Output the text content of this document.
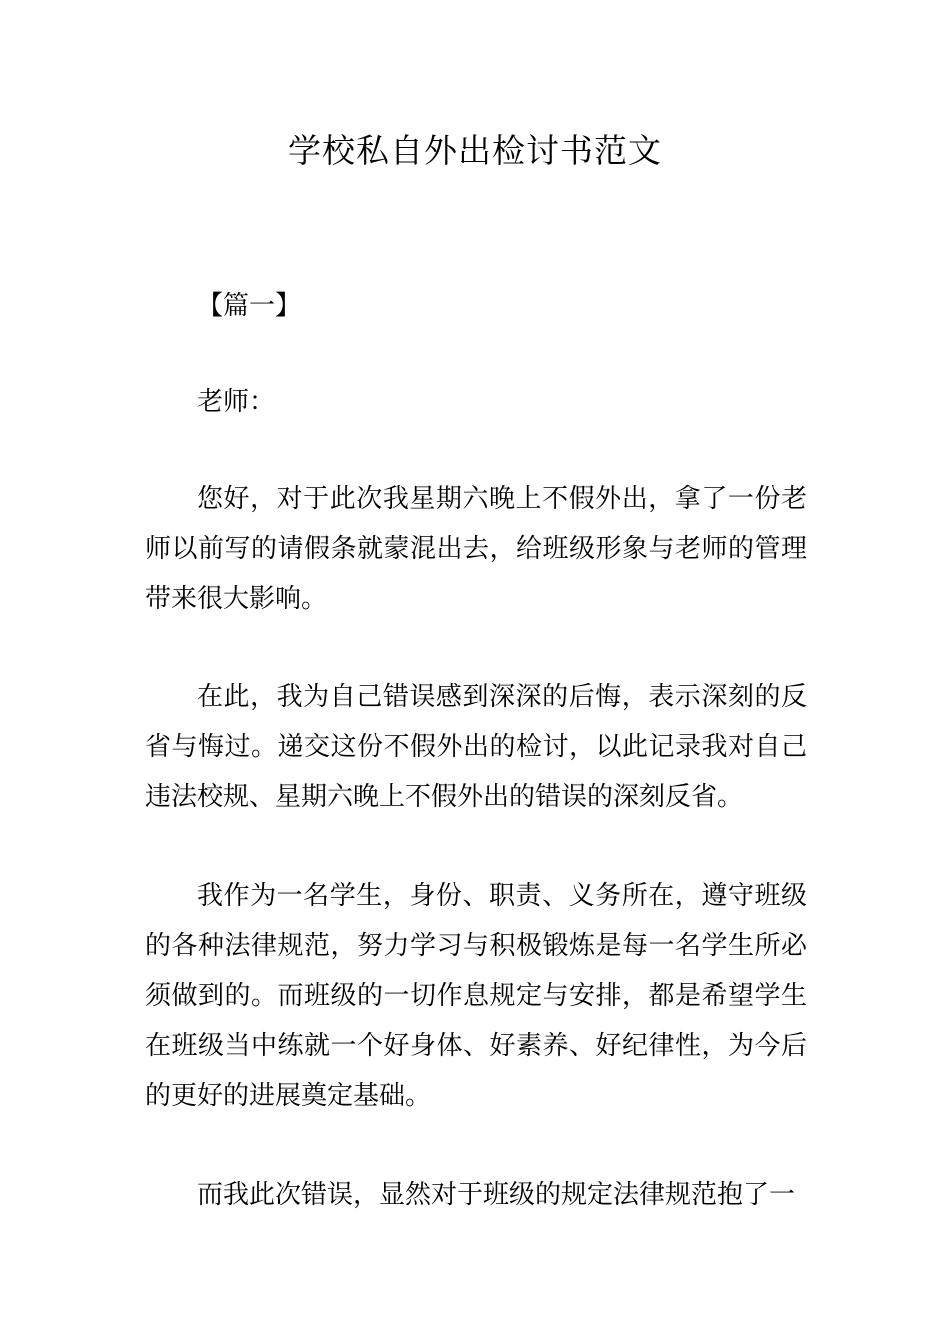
学校私自外出检讨书范文

【篇一】

老师：

您好，对于此次我星期六晚上不假外出，拿了一份老师以前写的请假条就蒙混出去，给班级形象与老师的管理带来很大影响。

在此，我为自己错误感到深深的后悔，表示深刻的反省与悔过。递交这份不假外出的检讨，以此记录我对自己违法校规、星期六晚上不假外出的错误的深刻反省。

我作为一名学生，身份、职责、义务所在，遵守班级的各种法律规范，努力学习与积极锻炼是每一名学生所必须做到的。而班级的一切作息规定与安排，都是希望学生在班级当中练就一个好身体、好素养、好纪律性，为今后的更好的进展奠定基础。

而我此次错误，显然对于班级的规定法律规范抱了一
